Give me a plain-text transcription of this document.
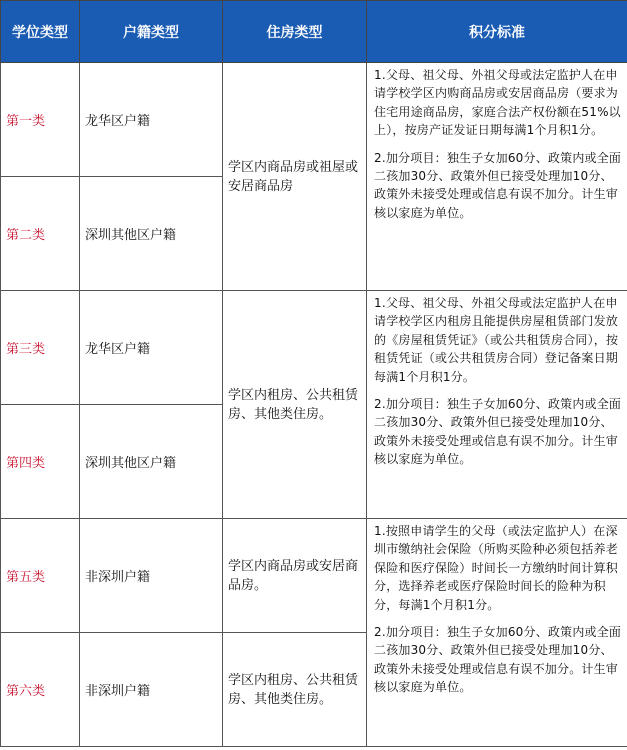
学位类型	户籍类型	住房类型	积分标准
第一类	龙华区户籍	学区内商品房或祖屋或安居商品房	1.父母、祖父母、外祖父母或法定监护人在申请学校学区内购商品房或安居商品房（要求为住宅用途商品房，家庭合法产权份额在51%以上），按房产证发证日期每满1个月积1分。

2.加分项目：独生子女加60分、政策内或全面二孩加30分、政策外但已接受处理加10分、政策外未接受处理或信息有误不加分。计生审核以家庭为单位。

第二类	深圳其他区户籍		
第三类	龙华区户籍	学区内租房、公共租赁房、其他类住房。	1.父母、祖父母、外祖父母或法定监护人在申请学校学区内租房且能提供房屋租赁部门发放的《房屋租赁凭证》（或公共租赁房合同），按租赁凭证（或公共租赁房合同）登记备案日期每满1个月积1分。

2.加分项目：独生子女加60分、政策内或全面二孩加30分、政策外但已接受处理加10分、政策外未接受处理或信息有误不加分。计生审核以家庭为单位。

第四类	深圳其他区户籍		
第五类	非深圳户籍	学区内商品房或安居商品房。	1.按照申请学生的父母（或法定监护人）在深圳市缴纳社会保险（所购买险种必须包括养老保险和医疗保险）时间长一方缴纳时间计算积分，选择养老或医疗保险时间长的险种为积分，每满1个月积1分。

2.加分项目：独生子女加60分、政策内或全面二孩加30分、政策外但已接受处理加10分、政策外未接受处理或信息有误不加分。计生审核以家庭为单位。

第六类	非深圳户籍	学区内租房、公共租赁房、其他类住房。	
